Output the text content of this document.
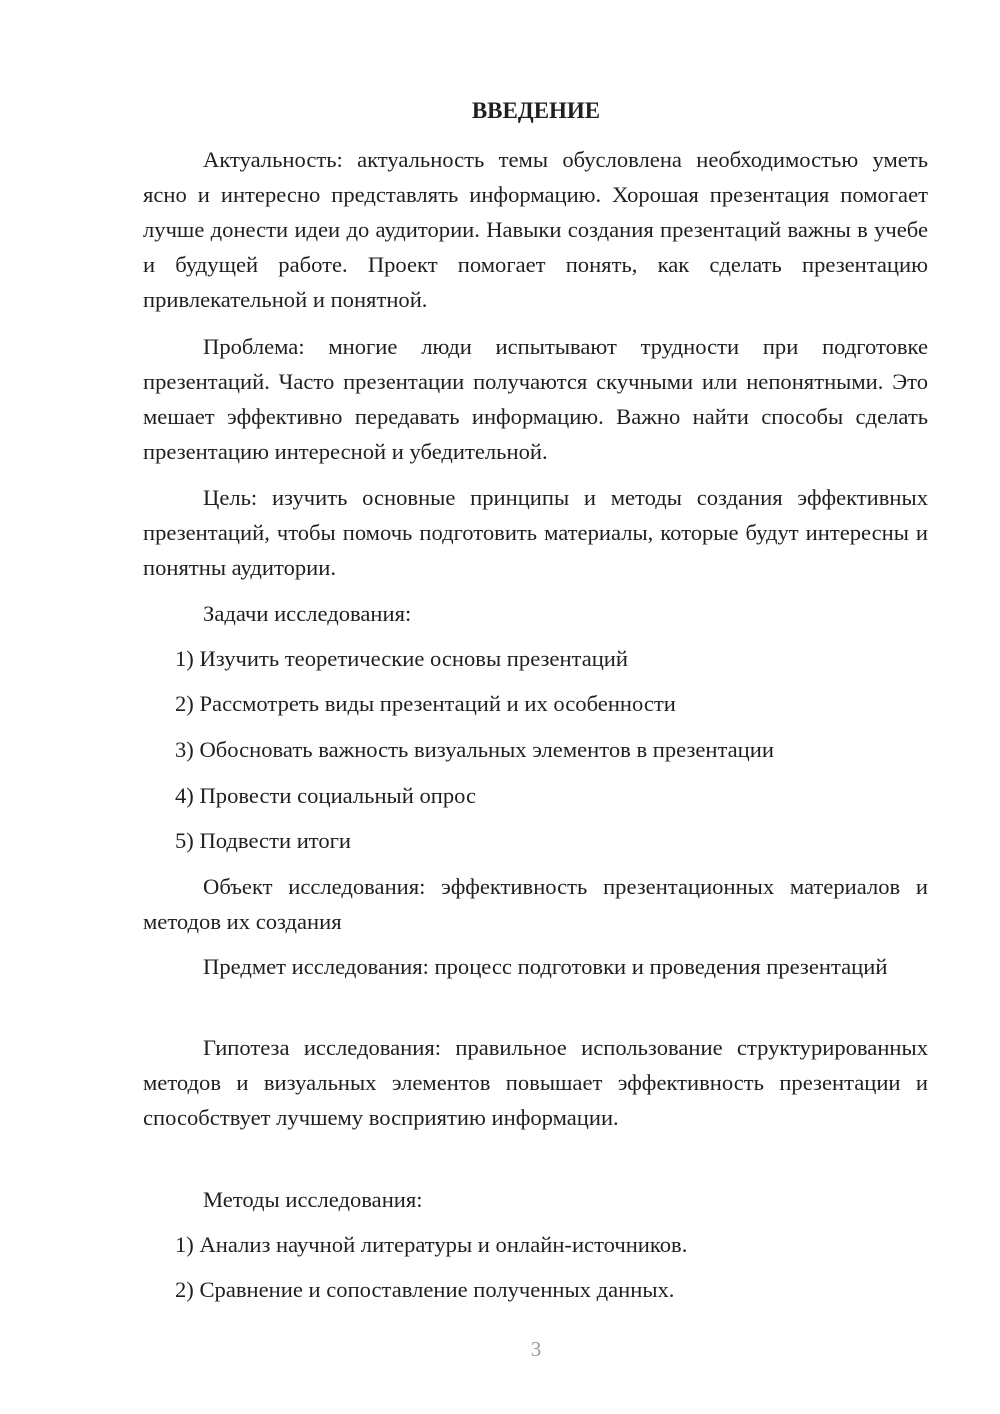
ВВЕДЕНИЕ

Актуальность: актуальность темы обусловлена необходимостью уметь ясно и интересно представлять информацию. Хорошая презентация помогает лучше донести идеи до аудитории. Навыки создания презентаций важны в учебе и будущей работе. Проект помогает понять, как сделать презентацию привлекательной и понятной.

Проблема: многие люди испытывают трудности при подготовке презентаций. Часто презентации получаются скучными или непонятными. Это мешает эффективно передавать информацию. Важно найти способы сделать презентацию интересной и убедительной.

Цель: изучить основные принципы и методы создания эффективных презентаций, чтобы помочь подготовить материалы, которые будут интересны и понятны аудитории.

Задачи исследования:

1) Изучить теоретические основы презентаций

2) Рассмотреть виды презентаций и их особенности

3) Обосновать важность визуальных элементов в презентации

4) Провести социальный опрос

5) Подвести итоги

Объект исследования: эффективность презентационных материалов и методов их создания

Предмет исследования: процесс подготовки и проведения презентаций

Гипотеза исследования: правильное использование структурированных методов и визуальных элементов повышает эффективность презентации и способствует лучшему восприятию информации.

Методы исследования:

1) Анализ научной литературы и онлайн-источников.

2) Сравнение и сопоставление полученных данных.

3
